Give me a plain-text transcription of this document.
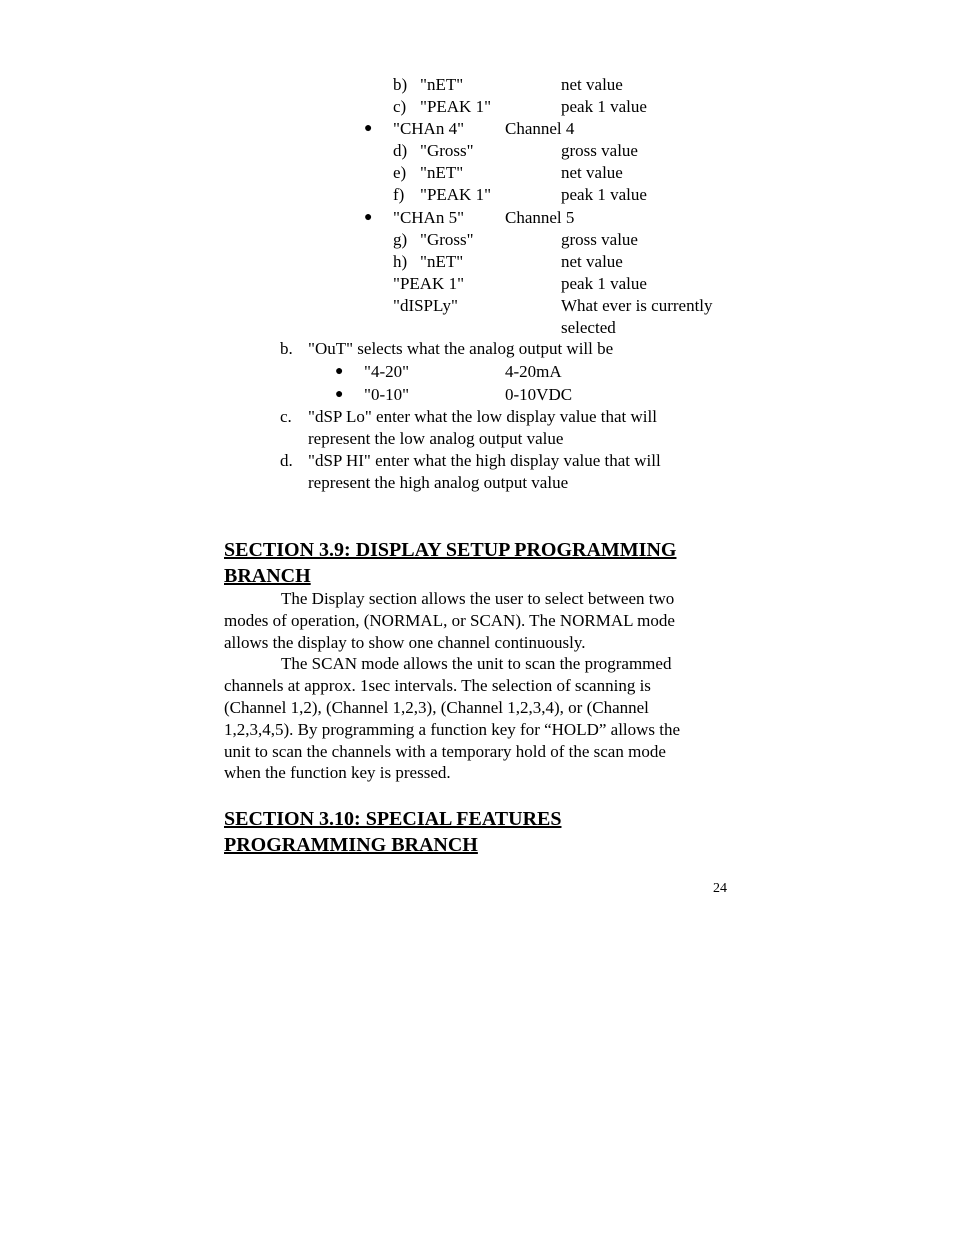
b) "nET"	net value
c) "PEAK 1"	peak 1 value
● "CHAn 4" Channel 4
d) "Gross"	gross value
e) "nET"	net value
f) "PEAK 1"	peak 1 value
● "CHAn 5" Channel 5
g) "Gross"	gross value
h) "nET"	net value
"PEAK 1"	peak 1 value
"dISPLy"	What ever is currently
selected
b. "OuT" selects what the analog output will be
● "4-20"	4-20mA
● "0-10"	0-10VDC
c. "dSP Lo" enter what the low display value that will
represent the low analog output value
d. "dSP HI" enter what the high display value that will
represent the high analog output value
SECTION 3.9: DISPLAY SETUP PROGRAMMING
BRANCH
The Display section allows the user to select between two
modes of operation, (NORMAL, or SCAN). The NORMAL mode
allows the display to show one channel continuously.
The SCAN mode allows the unit to scan the programmed
channels at approx. 1sec intervals. The selection of scanning is
(Channel 1,2), (Channel 1,2,3), (Channel 1,2,3,4), or (Channel
1,2,3,4,5). By programming a function key for “HOLD” allows the
unit to scan the channels with a temporary hold of the scan mode
when the function key is pressed.
SECTION 3.10: SPECIAL FEATURES
PROGRAMMING BRANCH
24
